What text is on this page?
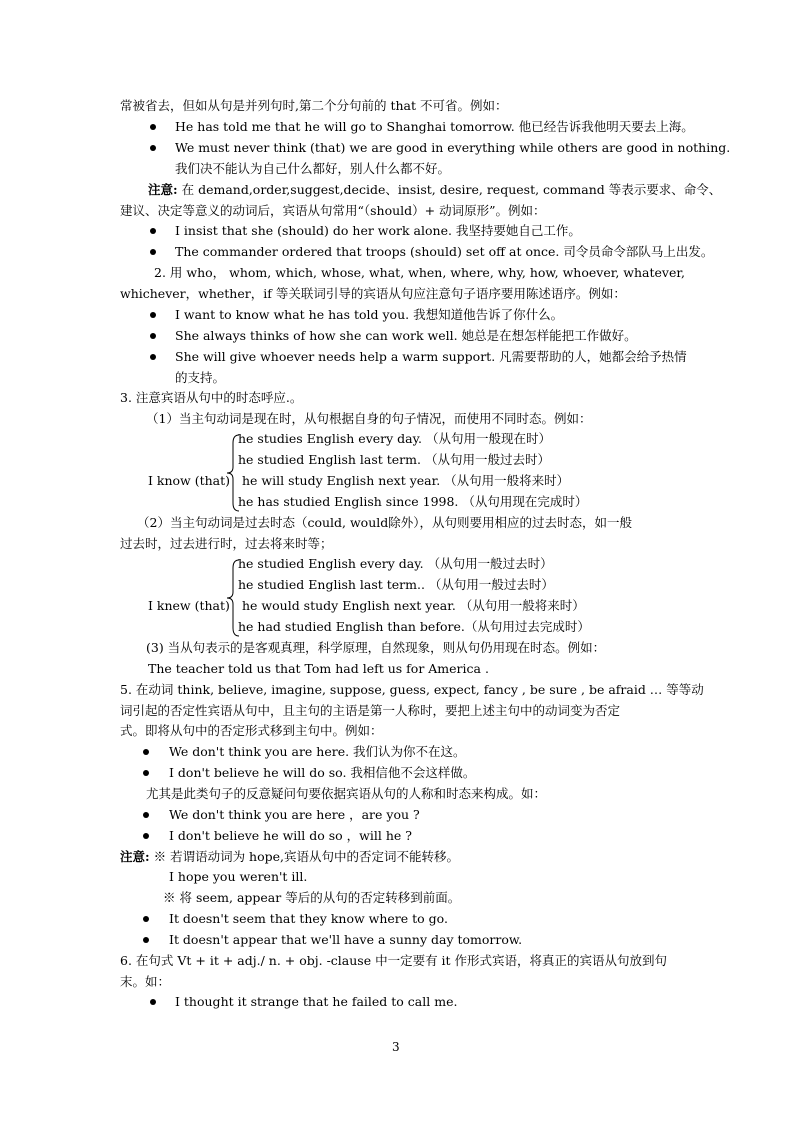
常被省去，但如从句是并列句时,第二个分句前的 that 不可省。例如：
He has told me that he will go to Shanghai tomorrow. 他已经告诉我他明天要去上海。
We must never think (that) we are good in everything while others are good in nothing.
我们决不能认为自己什么都好，别人什么都不好。
注意: 在 demand,order,suggest,decide、insist, desire, request, command 等表示要求、命令、
建议、决定等意义的动词后，宾语从句常用“（should）+ 动词原形”。例如：
I insist that she (should) do her work alone. 我坚持要她自己工作。
The commander ordered that troops (should) set off at once. 司令员命令部队马上出发。
2. 用 who， whom, which, whose, what, when, where, why, how, whoever, whatever,
whichever，whether，if 等关联词引导的宾语从句应注意句子语序要用陈述语序。例如：
I want to know what he has told you. 我想知道他告诉了你什么。
She always thinks of how she can work well. 她总是在想怎样能把工作做好。
She will give whoever needs help a warm support. 凡需要帮助的人，她都会给予热情
的支持。
3. 注意宾语从句中的时态呼应.。
（1）当主句动词是现在时，从句根据自身的句子情况，而使用不同时态。例如：
he studies English every day. （从句用一般现在时）
he studied English last term. （从句用一般过去时）
I know (that) he will study English next year. （从句用一般将来时）
he has studied English since 1998. （从句用现在完成时）
（2）当主句动词是过去时态（could, would除外），从句则要用相应的过去时态，如一般
过去时，过去进行时，过去将来时等；
he studied English every day. （从句用一般过去时）
he studied English last term.. （从句用一般过去时）
I knew (that) he would study English next year. （从句用一般将来时）
he had studied English than before.（从句用过去完成时）
(3) 当从句表示的是客观真理，科学原理，自然现象，则从句仍用现在时态。例如：
The teacher told us that Tom had left us for America .
5. 在动词 think, believe, imagine, suppose, guess, expect, fancy , be sure , be afraid … 等等动
词引起的否定性宾语从句中，且主句的主语是第一人称时，要把上述主句中的动词变为否定
式。即将从句中的否定形式移到主句中。例如：
We don't think you are here. 我们认为你不在这。
I don't believe he will do so. 我相信他不会这样做。
尤其是此类句子的反意疑问句要依据宾语从句的人称和时态来构成。如：
We don't think you are here ，are you ?
I don't believe he will do so ，will he ?
注意: ※ 若谓语动词为 hope,宾语从句中的否定词不能转移。
I hope you weren't ill.
※ 将 seem, appear 等后的从句的否定转移到前面。
It doesn't seem that they know where to go.
It doesn't appear that we'll have a sunny day tomorrow.
6. 在句式 Vt + it + adj./ n. + obj. -clause 中一定要有 it 作形式宾语，将真正的宾语从句放到句
末。如：
I thought it strange that he failed to call me.
3
